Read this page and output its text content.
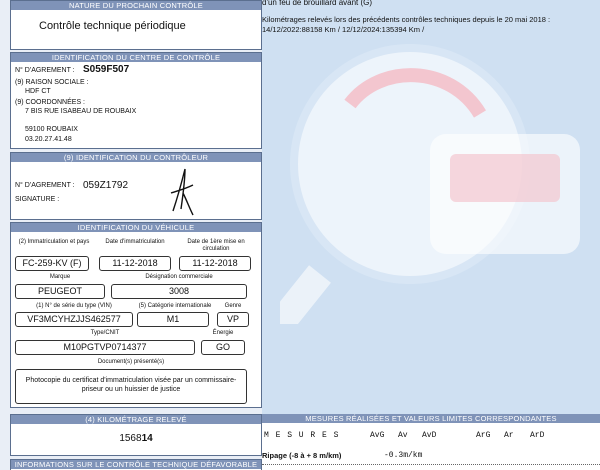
NATURE DU PROCHAIN CONTRÔLE
Contrôle technique périodique
IDENTIFICATION DU CENTRE DE CONTRÔLE
N° D'AGREMENT : S059F507
(9) RAISON SOCIALE :
HDF CT
(9) COORDONNÉES :
7 BIS RUE ISABEAU DE ROUBAIX
59100 ROUBAIX
03.20.27.41.48
(9) IDENTIFICATION DU CONTRÔLEUR
N° D'AGREMENT : 059Z1792
SIGNATURE :
IDENTIFICATION DU VÉHICULE
(2) Immatriculation et pays	Date d'immatriculation	Date de 1ère mise en circulation
FC-259-KV (F)	11-12-2018	11-12-2018
Marque	Désignation commerciale
PEUGEOT	3008
(1) N° de série du type (VIN)	(5) Catégorie internationale	Genre
VF3MCYHZJJS462577	M1	VP
Type/CNIT	Énergie
M10PGTVP0714377	GO
Document(s) présenté(s)
Photocopie du certificat d'immatriculation visée par un commissaire-priseur ou un huissier de justice
(4) KILOMÉTRAGE RELEVÉ
156814
INFORMATIONS SUR LE CONTRÔLE TECHNIQUE DÉFAVORABLE
d'un feu de brouillard avant (G)
Kilométrages relevés lors des précédents contrôles techniques depuis le 20 mai 2018 :
14/12/2022:88158 Km / 12/12/2024:135394 Km /
MESURES RÉALISÉES ET VALEURS LIMITES CORRESPONDANTES
M E S U R E S	AvG Av AvD	ArG Ar ArD
Ripage (-8 à + 8 m/km)	-0.3m/km
